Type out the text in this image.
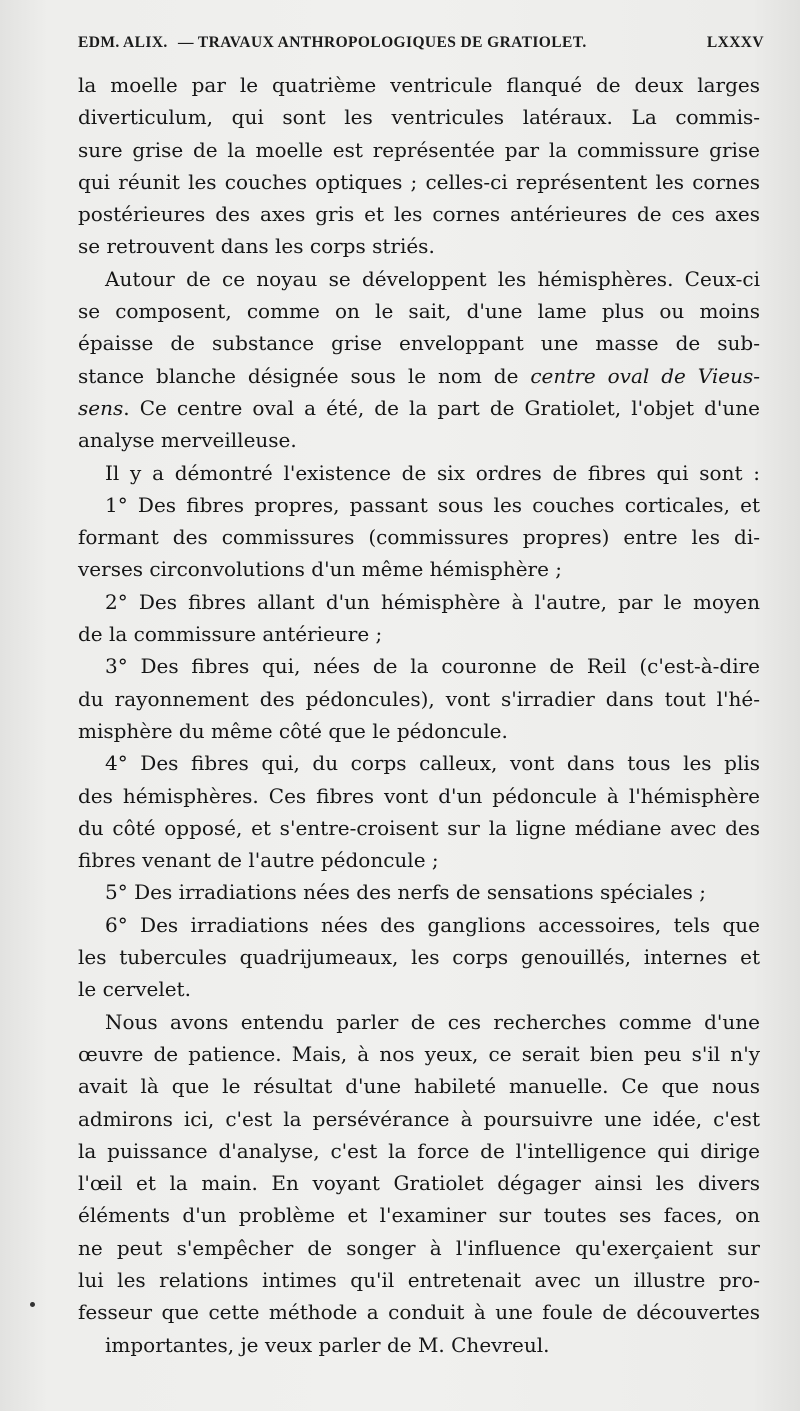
EDM. ALIX. — TRAVAUX ANTHROPOLOGIQUES DE GRATIOLET.	LXXXV
la moelle par le quatrième ventricule flanqué de deux larges
diverticulum, qui sont les ventricules latéraux. La commis-
sure grise de la moelle est représentée par la commissure grise
qui réunit les couches optiques ; celles-ci représentent les cornes
postérieures des axes gris et les cornes antérieures de ces axes
se retrouvent dans les corps striés.
Autour de ce noyau se développent les hémisphères. Ceux-ci
se composent, comme on le sait, d'une lame plus ou moins
épaisse de substance grise enveloppant une masse de sub-
stance blanche désignée sous le nom de centre oval de Vieus-
sens. Ce centre oval a été, de la part de Gratiolet, l'objet d'une
analyse merveilleuse.
Il y a démontré l'existence de six ordres de fibres qui sont :
1° Des fibres propres, passant sous les couches corticales, et
formant des commissures (commissures propres) entre les di-
verses circonvolutions d'un même hémisphère ;
2° Des fibres allant d'un hémisphère à l'autre, par le moyen
de la commissure antérieure ;
3° Des fibres qui, nées de la couronne de Reil (c'est-à-dire
du rayonnement des pédoncules), vont s'irradier dans tout l'hé-
misphère du même côté que le pédoncule.
4° Des fibres qui, du corps calleux, vont dans tous les plis
des hémisphères. Ces fibres vont d'un pédoncule à l'hémisphère
du côté opposé, et s'entre-croisent sur la ligne médiane avec des
fibres venant de l'autre pédoncule ;
5° Des irradiations nées des nerfs de sensations spéciales ;
6° Des irradiations nées des ganglions accessoires, tels que
les tubercules quadrijumeaux, les corps genouillés, internes et
le cervelet.
Nous avons entendu parler de ces recherches comme d'une
œuvre de patience. Mais, à nos yeux, ce serait bien peu s'il n'y
avait là que le résultat d'une habileté manuelle. Ce que nous
admirons ici, c'est la persévérance à poursuivre une idée, c'est
la puissance d'analyse, c'est la force de l'intelligence qui dirige
l'œil et la main. En voyant Gratiolet dégager ainsi les divers
éléments d'un problème et l'examiner sur toutes ses faces, on
ne peut s'empêcher de songer à l'influence qu'exerçaient sur
lui les relations intimes qu'il entretenait avec un illustre pro-
fesseur que cette méthode a conduit à une foule de découvertes
importantes, je veux parler de M. Chevreul.
